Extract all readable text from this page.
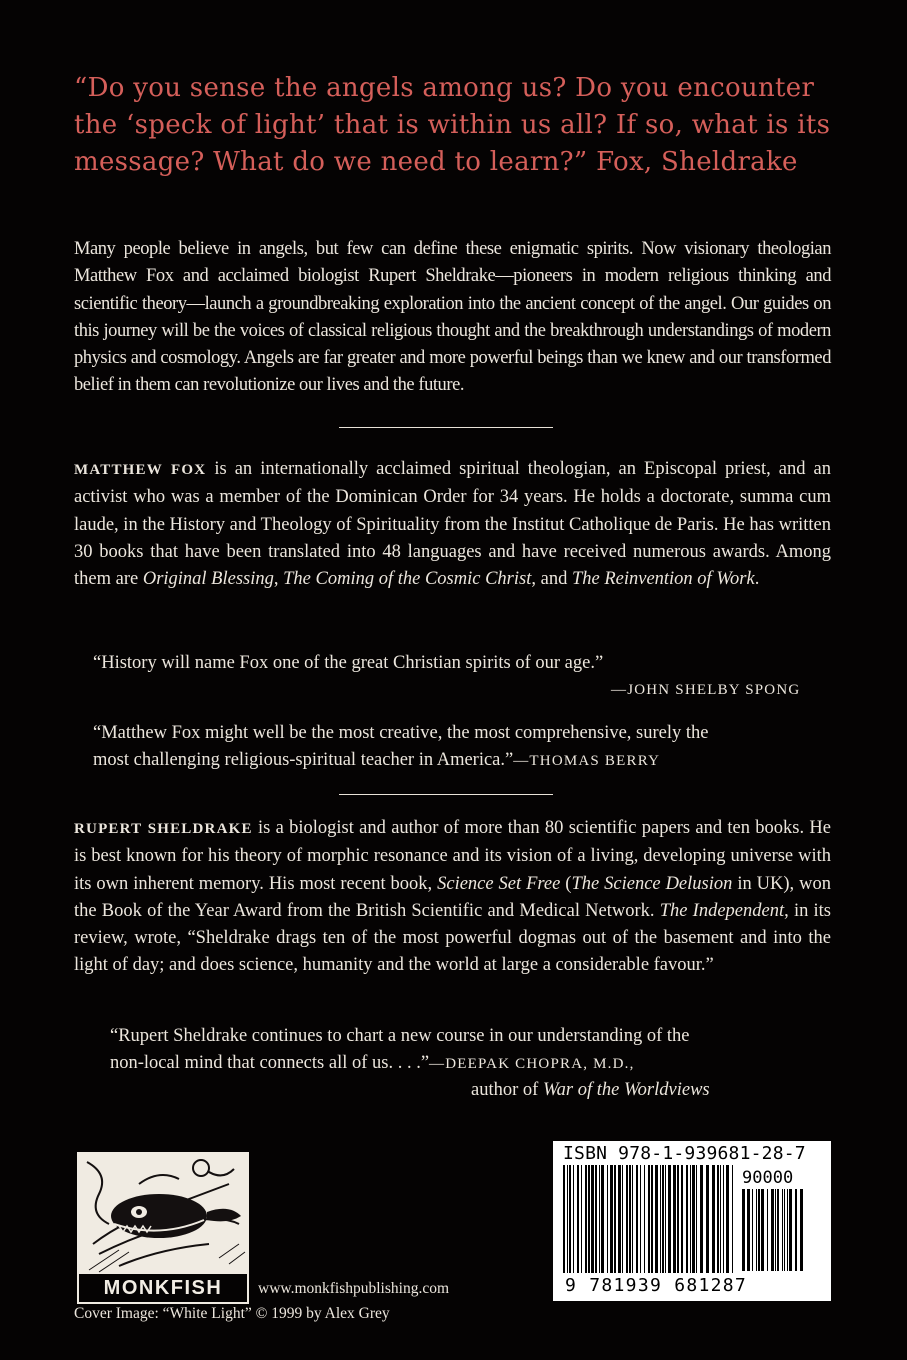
“Do you sense the angels among us? Do you encounter the ‘speck of light’ that is within us all? If so, what is its message? What do we need to learn?” Fox, Sheldrake

Many people believe in angels, but few can define these enigmatic spirits. Now visionary theologian Matthew Fox and acclaimed biologist Rupert Sheldrake—pioneers in modern religious thinking and scientific theory—launch a groundbreaking exploration into the ancient concept of the angel. Our guides on this journey will be the voices of classical religious thought and the breakthrough understandings of modern physics and cosmology. Angels are far greater and more powerful beings than we knew and our transformed belief in them can revolutionize our lives and the future.

MATTHEW FOX is an internationally acclaimed spiritual theologian, an Episcopal priest, and an activist who was a member of the Dominican Order for 34 years. He holds a doctorate, summa cum laude, in the History and Theology of Spirituality from the Institut Catholique de Paris. He has written 30 books that have been translated into 48 languages and have received numerous awards. Among them are Original Blessing, The Coming of the Cosmic Christ, and The Reinvention of Work.

“History will name Fox one of the great Christian spirits of our age.”

—JOHN SHELBY SPONG

“Matthew Fox might well be the most creative, the most comprehensive, surely the

most challenging religious-spiritual teacher in America.”—THOMAS BERRY

RUPERT SHELDRAKE is a biologist and author of more than 80 scientific papers and ten books. He is best known for his theory of morphic resonance and its vision of a living, developing universe with its own inherent memory. His most recent book, Science Set Free (The Science Delusion in UK), won the Book of the Year Award from the British Scientific and Medical Network. The Independent, in its review, wrote, “Sheldrake drags ten of the most powerful dogmas out of the basement and into the light of day; and does science, humanity and the world at large a considerable favour.”

“Rupert Sheldrake continues to chart a new course in our understanding of the

non-local mind that connects all of us. . . .”—DEEPAK CHOPRA, M.D.,

author of War of the Worldviews

MONKFISH	www.monkfishpublishing.com
Cover Image: “White Light” © 1999 by Alex Grey
ISBN 978-1-939681-28-7
90000
9 781939 681287
